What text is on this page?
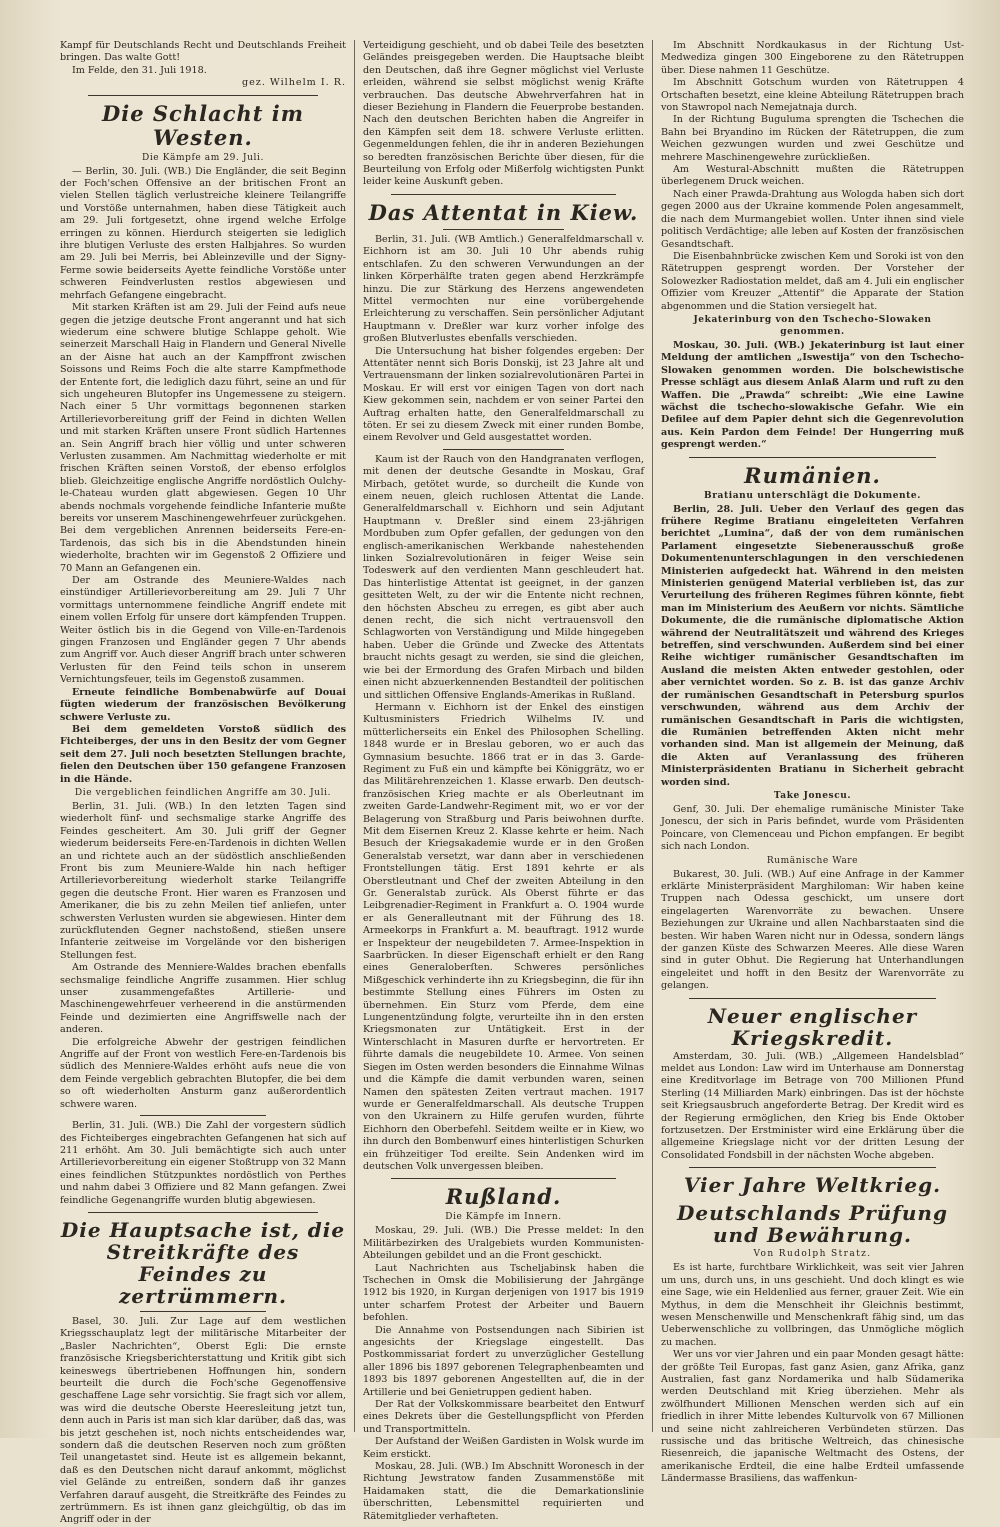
Kampf für Deutschlands Recht und Deutschlands Freiheit bringen. Das walte Gott!

Im Felde, den 31. Juli 1918.

gez. Wilhelm I. R.

Die Schlacht im Westen.
Die Kämpfe am 29. Juli.

— Berlin, 30. Juli. (WB.) Die Engländer, die seit Beginn der Foch'schen Offensive an der britischen Front an vielen Stellen täglich verlustreiche kleinere Teilangriffe und Vorstöße unternahmen, haben diese Tätigkeit auch am 29. Juli fortgesetzt, ohne irgend welche Erfolge erringen zu können. Hierdurch steigerten sie lediglich ihre blutigen Verluste des ersten Halbjahres. So wurden am 29. Juli bei Merris, bei Ableinzeville und der Signy-Ferme sowie beiderseits Ayette feindliche Vorstöße unter schweren Feindverlusten restlos abgewiesen und mehrfach Gefangene eingebracht.

Mit starken Kräften ist am 29. Juli der Feind aufs neue gegen die jetzige deutsche Front angerannt und hat sich wiederum eine schwere blutige Schlappe geholt. Wie seinerzeit Marschall Haig in Flandern und General Nivelle an der Aisne hat auch an der Kampffront zwischen Soissons und Reims Foch die alte starre Kampfmethode der Entente fort, die lediglich dazu führt, seine an und für sich ungeheuren Blutopfer ins Ungemessene zu steigern. Nach einer 5 Uhr vormittags begonnenen starken Artillerievorbereitung griff der Feind in dichten Wellen und mit starken Kräften unsere Front südlich Hartennes an. Sein Angriff brach hier völlig und unter schweren Verlusten zusammen. Am Nachmittag wiederholte er mit frischen Kräften seinen Vorstoß, der ebenso erfolglos blieb. Gleichzeitige englische Angriffe nordöstlich Oulchy-le-Chateau wurden glatt abgewiesen. Gegen 10 Uhr abends nochmals vorgehende feindliche Infanterie mußte bereits vor unserem Maschinengewehrfeuer zurückgehen. Bei dem vergeblichen Anrennen beiderseits Fere-en-Tardenois, das sich bis in die Abendstunden hinein wiederholte, brachten wir im Gegenstoß 2 Offiziere und 70 Mann an Gefangenen ein.

Der am Ostrande des Meuniere-Waldes nach einstündiger Artillerievorbereitung am 29. Juli 7 Uhr vormittags unternommene feindliche Angriff endete mit einem vollen Erfolg für unsere dort kämpfenden Truppen. Weiter östlich bis in die Gegend von Ville-en-Tardenois gingen Franzosen und Engländer gegen 7 Uhr abends zum Angriff vor. Auch dieser Angriff brach unter schweren Verlusten für den Feind teils schon in unserem Vernichtungsfeuer, teils im Gegenstoß zusammen.

Erneute feindliche Bombenabwürfe auf Douai fügten wiederum der französischen Bevölkerung schwere Verluste zu.

Bei dem gemeldeten Vorstoß südlich des Fichteiberges, der uns in den Besitz der vom Gegner seit dem 27. Juli noch besetzten Stellungen brachte, fielen den Deutschen über 150 gefangene Franzosen in die Hände.

Die vergeblichen feindlichen Angriffe am 30. Juli.

Berlin, 31. Juli. (WB.) In den letzten Tagen sind wiederholt fünf- und sechsmalige starke Angriffe des Feindes gescheitert. Am 30. Juli griff der Gegner wiederum beiderseits Fere-en-Tardenois in dichten Wellen an und richtete auch an der südöstlich anschließenden Front bis zum Meuniere-Walde hin nach heftiger Artillerievorbereitung wiederholt starke Teilangriffe gegen die deutsche Front. Hier waren es Franzosen und Amerikaner, die bis zu zehn Meilen tief anliefen, unter schwersten Verlusten wurden sie abgewiesen. Hinter dem zurückflutenden Gegner nachstoßend, stießen unsere Infanterie zeitweise im Vorgelände vor den bisherigen Stellungen fest.

Am Ostrande des Menniere-Waldes brachen ebenfalls sechsmalige feindliche Angriffe zusammen. Hier schlug unser zusammengefaßtes Artillerie- und Maschinengewehrfeuer verheerend in die anstürmenden Feinde und dezimierten eine Angriffswelle nach der anderen.

Die erfolgreiche Abwehr der gestrigen feindlichen Angriffe auf der Front von westlich Fere-en-Tardenois bis südlich des Menniere-Waldes erhöht aufs neue die von dem Feinde vergeblich gebrachten Blutopfer, die bei dem so oft wiederholten Ansturm ganz außerordentlich schwere waren.

Berlin, 31. Juli. (WB.) Die Zahl der vorgestern südlich des Fichteiberges eingebrachten Gefangenen hat sich auf 211 erhöht. Am 30. Juli bemächtigte sich auch unter Artillerievorbereitung ein eigener Stoßtrupp von 32 Mann eines feindlichen Stützpunktes nordöstlich von Perthes und nahm dabei 3 Offiziere und 82 Mann gefangen. Zwei feindliche Gegenangriffe wurden blutig abgewiesen.

Die Hauptsache ist, die Streitkräfte des Feindes zu zertrümmern.

Basel, 30. Juli. Zur Lage auf dem westlichen Kriegsschauplatz legt der militärische Mitarbeiter der „Basler Nachrichten“, Oberst Egli: Die ernste französische Kriegsberichterstattung und Kritik gibt sich keineswegs übertriebenen Hoffnungen hin, sondern beurteilt die durch die Foch'sche Gegenoffensive geschaffene Lage sehr vorsichtig. Sie fragt sich vor allem, was wird die deutsche Oberste Heeresleitung jetzt tun, denn auch in Paris ist man sich klar darüber, daß das, was bis jetzt geschehen ist, noch nichts entscheidendes war, sondern daß die deutschen Reserven noch zum größten Teil unangetastet sind. Heute ist es allgemein bekannt, daß es den Deutschen nicht darauf ankommt, möglichst viel Gelände zu entreißen, sondern daß ihr ganzes Verfahren darauf ausgeht, die Streitkräfte des Feindes zu zertrümmern. Es ist ihnen ganz gleichgültig, ob das im Angriff oder in der

Verteidigung geschieht, und ob dabei Teile des besetzten Geländes preisgegeben werden. Die Hauptsache bleibt den Deutschen, daß ihre Gegner möglichst viel Verluste erleiden, während sie selbst möglichst wenig Kräfte verbrauchen. Das deutsche Abwehrverfahren hat in dieser Beziehung in Flandern die Feuerprobe bestanden. Nach den deutschen Berichten haben die Angreifer in den Kämpfen seit dem 18. schwere Verluste erlitten. Gegenmeldungen fehlen, die ihr in anderen Beziehungen so beredten französischen Berichte über diesen, für die Beurteilung von Erfolg oder Mißerfolg wichtigsten Punkt leider keine Auskunft geben.

Das Attentat in Kiew.

Berlin, 31. Juli. (WB Amtlich.) Generalfeldmarschall v. Eichhorn ist am 30. Juli 10 Uhr abends ruhig entschlafen. Zu den schweren Verwundungen an der linken Körperhälfte traten gegen abend Herzkrämpfe hinzu. Die zur Stärkung des Herzens angewendeten Mittel vermochten nur eine vorübergehende Erleichterung zu verschaffen. Sein persönlicher Adjutant Hauptmann v. Dreßler war kurz vorher infolge des großen Blutverlustes ebenfalls verschieden.

Die Untersuchung hat bisher folgendes ergeben: Der Attentäter nennt sich Boris Donskij, ist 23 Jahre alt und Vertrauensmann der linken sozialrevolutionären Partei in Moskau. Er will erst vor einigen Tagen von dort nach Kiew gekommen sein, nachdem er von seiner Partei den Auftrag erhalten hatte, den Generalfeldmarschall zu töten. Er sei zu diesem Zweck mit einer runden Bombe, einem Revolver und Geld ausgestattet worden.

Kaum ist der Rauch von den Handgranaten verflogen, mit denen der deutsche Gesandte in Moskau, Graf Mirbach, getötet wurde, so durcheilt die Kunde von einem neuen, gleich ruchlosen Attentat die Lande. Generalfeldmarschall v. Eichhorn und sein Adjutant Hauptmann v. Dreßler sind einem 23-jährigen Mordbuben zum Opfer gefallen, der gedungen von den englisch-amerikanischen Werkbande nahestehenden linken Sozialrevolutionären in feiger Weise sein Todeswerk auf den verdienten Mann geschleudert hat. Das hinterlistige Attentat ist geeignet, in der ganzen gesitteten Welt, zu der wir die Entente nicht rechnen, den höchsten Abscheu zu erregen, es gibt aber auch denen recht, die sich nicht vertrauensvoll den Schlagworten von Verständigung und Milde hingegeben haben. Ueber die Gründe und Zwecke des Attentats braucht nichts gesagt zu werden, sie sind die gleichen, wie bei der Ermordung des Grafen Mirbach und bilden einen nicht abzuerkennenden Bestandteil der politischen und sittlichen Offensive Englands-Amerikas in Rußland.

Hermann v. Eichhorn ist der Enkel des einstigen Kultusministers Friedrich Wilhelms IV. und mütterlicherseits ein Enkel des Philosophen Schelling. 1848 wurde er in Breslau geboren, wo er auch das Gymnasium besuchte. 1866 trat er in das 3. Garde-Regiment zu Fuß ein und kämpfte bei Königgrätz, wo er das Militärehrenzeichen 1. Klasse erwarb. Den deutsch-französischen Krieg machte er als Oberleutnant im zweiten Garde-Landwehr-Regiment mit, wo er vor der Belagerung von Straßburg und Paris beiwohnen durfte. Mit dem Eisernen Kreuz 2. Klasse kehrte er heim. Nach Besuch der Kriegsakademie wurde er in den Großen Generalstab versetzt, war dann aber in verschiedenen Frontstellungen tätig. Erst 1891 kehrte er als Oberstleutnant und Chef der zweiten Abteilung in den Gr. Generalstab zurück. Als Oberst führte er das Leibgrenadier-Regiment in Frankfurt a. O. 1904 wurde er als Generalleutnant mit der Führung des 18. Armeekorps in Frankfurt a. M. beauftragt. 1912 wurde er Inspekteur der neugebildeten 7. Armee-Inspektion in Saarbrücken. In dieser Eigenschaft erhielt er den Rang eines Generaloberſten. Schweres persönliches Mißgeschick verhinderte ihn zu Kriegsbeginn, die für ihn bestimmte Stellung eines Führers im Osten zu übernehmen. Ein Sturz vom Pferde, dem eine Lungenentzündung folgte, verurteilte ihn in den ersten Kriegsmonaten zur Untätigkeit. Erst in der Winterschlacht in Masuren durfte er hervortreten. Er führte damals die neugebildete 10. Armee. Von seinen Siegen im Osten werden besonders die Einnahme Wilnas und die Kämpfe die damit verbunden waren, seinen Namen den spätesten Zeiten vertraut machen. 1917 wurde er Generalfeldmarschall. Als deutsche Truppen von den Ukrainern zu Hilfe gerufen wurden, führte Eichhorn den Oberbefehl. Seitdem weilte er in Kiew, wo ihn durch den Bombenwurf eines hinterlistigen Schurken ein frühzeitiger Tod ereilte. Sein Andenken wird im deutschen Volk unvergessen bleiben.

Rußland.
Die Kämpfe im Innern.

Moskau, 29. Juli. (WB.) Die Presse meldet: In den Militärbezirken des Uralgebiets wurden Kommunisten-Abteilungen gebildet und an die Front geschickt.

Laut Nachrichten aus Tscheljabinsk haben die Tschechen in Omsk die Mobilisierung der Jahrgänge 1912 bis 1920, in Kurgan derjenigen von 1917 bis 1919 unter scharfem Protest der Arbeiter und Bauern befohlen.

Die Annahme von Postsendungen nach Sibirien ist angesichts der Kriegslage eingestellt. Das Postkommissariat fordert zu unverzüglicher Gestellung aller 1896 bis 1897 geborenen Telegraphenbeamten und 1893 bis 1897 geborenen Angestellten auf, die in der Artillerie und bei Genietruppen gedient haben.

Der Rat der Volkskommissare bearbeitet den Entwurf eines Dekrets über die Gestellungspflicht von Pferden und Transportmitteln.

Der Aufstand der Weißen Gardisten in Wolsk wurde im Keim erstickt.

Moskau, 28. Juli. (WB.) Im Abschnitt Woronesch in der Richtung Jewstratow fanden Zusammenstöße mit Haidamaken statt, die die Demarkationslinie überschritten, Lebensmittel requirierten und Rätemitglieder verhafteten.

Im Abschnitt Nordkaukasus in der Richtung Ust-Medwediza gingen 300 Eingeborene zu den Rätetruppen über. Diese nahmen 11 Geschütze.

Im Abschnitt Gotschum wurden von Rätetruppen 4 Ortschaften besetzt, eine kleine Abteilung Rätetruppen brach von Stawropol nach Nemejatnaja durch.

In der Richtung Buguluma sprengten die Tschechen die Bahn bei Bryandino im Rücken der Rätetruppen, die zum Weichen gezwungen wurden und zwei Geschütze und mehrere Maschinengewehre zurückließen.

Am Westural-Abschnitt mußten die Rätetruppen überlegenem Druck weichen.

Nach einer Prawda-Drahtung aus Wologda haben sich dort gegen 2000 aus der Ukraine kommende Polen angesammelt, die nach dem Murmangebiet wollen. Unter ihnen sind viele politisch Verdächtige; alle leben auf Kosten der französischen Gesandtschaft.

Die Eisenbahnbrücke zwischen Kem und Soroki ist von den Rätetruppen gesprengt worden. Der Vorsteher der Solowezker Radiostation meldet, daß am 4. Juli ein englischer Offizier vom Kreuzer „Attentif“ die Apparate der Station abgenommen und die Station versiegelt hat.

Jekaterinburg von den Tschecho-Slowaken genommen.

Moskau, 30. Juli. (WB.) Jekaterinburg ist laut einer Meldung der amtlichen „Iswestija“ von den Tschecho-Slowaken genommen worden. Die bolschewistische Presse schlägt aus diesem Anlaß Alarm und ruft zu den Waffen. Die „Prawda“ schreibt: „Wie eine Lawine wächst die tschecho-slowakische Gefahr. Wie ein Defilee auf dem Papier dehnt sich die Gegenrevolution aus. Kein Pardon dem Feinde! Der Hungerring muß gesprengt werden.“

Rumänien.
Bratianu unterschlägt die Dokumente.

Berlin, 28. Juli. Ueber den Verlauf des gegen das frühere Regime Bratianu eingeleiteten Verfahren berichtet „Lumina“, daß der von dem rumänischen Parlament eingesetzte Siebenerausschuß große Dokumentenunterschlagungen in den verschiedenen Ministerien aufgedeckt hat. Während in den meisten Ministerien genügend Material verblieben ist, das zur Verurteilung des früheren Regimes führen könnte, fiebt man im Ministerium des Aeußern vor nichts. Sämtliche Dokumente, die die rumänische diplomatische Aktion während der Neutralitätszeit und während des Krieges betreffen, sind verschwunden. Außerdem sind bei einer Reihe wichtiger rumänischer Gesandtschaften im Ausland die meisten Akten entweder gestohlen, oder aber vernichtet worden. So z. B. ist das ganze Archiv der rumänischen Gesandtschaft in Petersburg spurlos verschwunden, während aus dem Archiv der rumänischen Gesandtschaft in Paris die wichtigsten, die Rumänien betreffenden Akten nicht mehr vorhanden sind. Man ist allgemein der Meinung, daß die Akten auf Veranlassung des früheren Ministerpräsidenten Bratianu in Sicherheit gebracht worden sind.

Take Jonescu.

Genf, 30. Juli. Der ehemalige rumänische Minister Take Jonescu, der sich in Paris befindet, wurde vom Präsidenten Poincare, von Clemenceau und Pichon empfangen. Er begibt sich nach London.

Rumänische Ware

Bukarest, 30. Juli. (WB.) Auf eine Anfrage in der Kammer erklärte Ministerpräsident Marghiloman: Wir haben keine Truppen nach Odessa geschickt, um unsere dort eingelagerten Warenvorräte zu bewachen. Unsere Beziehungen zur Ukraine und allen Nachbarstaaten sind die besten. Wir haben Waren nicht nur in Odessa, sondern längs der ganzen Küste des Schwarzen Meeres. Alle diese Waren sind in guter Obhut. Die Regierung hat Unterhandlungen eingeleitet und hofft in den Besitz der Warenvorräte zu gelangen.

Neuer englischer Kriegskredit.

Amsterdam, 30. Juli. (WB.) „Allgemeen Handelsblad“ meldet aus London: Law wird im Unterhause am Donnerstag eine Kreditvorlage im Betrage von 700 Millionen Pfund Sterling (14 Milliarden Mark) einbringen. Das ist der höchste seit Kriegsausbruch angeforderte Betrag. Der Kredit wird es der Regierung ermöglichen, den Krieg bis Ende Oktober fortzusetzen. Der Erstminister wird eine Erklärung über die allgemeine Kriegslage nicht vor der dritten Lesung der Consolidated Fondsbill in der nächsten Woche abgeben.

Vier Jahre Weltkrieg.
Deutschlands Prüfung und Bewährung.
Von Rudolph Stratz.

Es ist harte, furchtbare Wirklichkeit, was seit vier Jahren um uns, durch uns, in uns geschieht. Und doch klingt es wie eine Sage, wie ein Heldenlied aus ferner, grauer Zeit. Wie ein Mythus, in dem die Menschheit ihr Gleichnis bestimmt, wesen Menschenwille und Menschenkraft fähig sind, um das Ueberwenschliche zu vollbringen, das Unmögliche möglich zu machen.

Wer uns vor vier Jahren und ein paar Monden gesagt hätte: der größte Teil Europas, fast ganz Asien, ganz Afrika, ganz Australien, fast ganz Nordamerika und halb Südamerika werden Deutschland mit Krieg überziehen. Mehr als zwölfhundert Millionen Menschen werden sich auf ein friedlich in ihrer Mitte lebendes Kulturvolk von 67 Millionen und seine nicht zahlreicheren Verbündeten stürzen. Das russische und das britische Weltreich, das chinesische Riesenreich, die japanische Weltmacht des Ostens, der amerikanische Erdteil, die eine halbe Erdteil umfassende Ländermasse Brasiliens, das waffenkun-
